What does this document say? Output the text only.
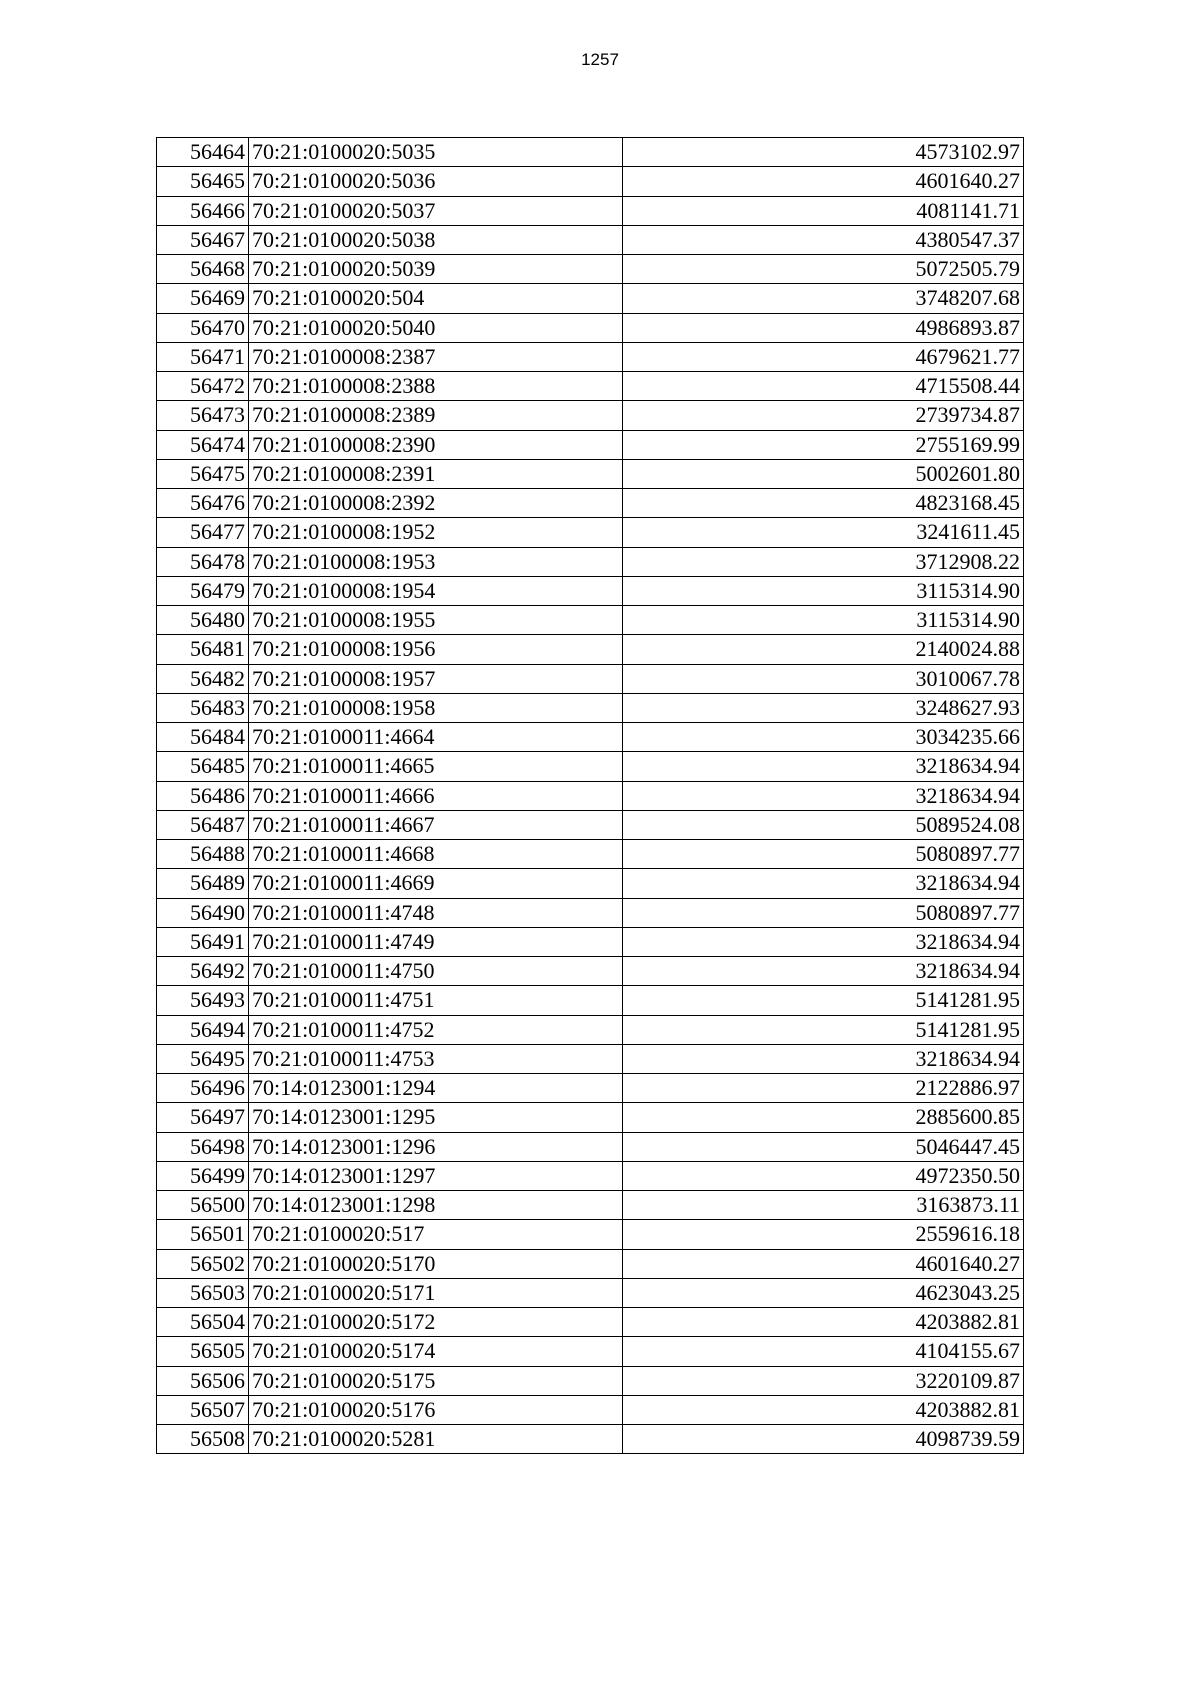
1257
56464	70:21:0100020:5035	4573102.97
56465	70:21:0100020:5036	4601640.27
56466	70:21:0100020:5037	4081141.71
56467	70:21:0100020:5038	4380547.37
56468	70:21:0100020:5039	5072505.79
56469	70:21:0100020:504	3748207.68
56470	70:21:0100020:5040	4986893.87
56471	70:21:0100008:2387	4679621.77
56472	70:21:0100008:2388	4715508.44
56473	70:21:0100008:2389	2739734.87
56474	70:21:0100008:2390	2755169.99
56475	70:21:0100008:2391	5002601.80
56476	70:21:0100008:2392	4823168.45
56477	70:21:0100008:1952	3241611.45
56478	70:21:0100008:1953	3712908.22
56479	70:21:0100008:1954	3115314.90
56480	70:21:0100008:1955	3115314.90
56481	70:21:0100008:1956	2140024.88
56482	70:21:0100008:1957	3010067.78
56483	70:21:0100008:1958	3248627.93
56484	70:21:0100011:4664	3034235.66
56485	70:21:0100011:4665	3218634.94
56486	70:21:0100011:4666	3218634.94
56487	70:21:0100011:4667	5089524.08
56488	70:21:0100011:4668	5080897.77
56489	70:21:0100011:4669	3218634.94
56490	70:21:0100011:4748	5080897.77
56491	70:21:0100011:4749	3218634.94
56492	70:21:0100011:4750	3218634.94
56493	70:21:0100011:4751	5141281.95
56494	70:21:0100011:4752	5141281.95
56495	70:21:0100011:4753	3218634.94
56496	70:14:0123001:1294	2122886.97
56497	70:14:0123001:1295	2885600.85
56498	70:14:0123001:1296	5046447.45
56499	70:14:0123001:1297	4972350.50
56500	70:14:0123001:1298	3163873.11
56501	70:21:0100020:517	2559616.18
56502	70:21:0100020:5170	4601640.27
56503	70:21:0100020:5171	4623043.25
56504	70:21:0100020:5172	4203882.81
56505	70:21:0100020:5174	4104155.67
56506	70:21:0100020:5175	3220109.87
56507	70:21:0100020:5176	4203882.81
56508	70:21:0100020:5281	4098739.59
